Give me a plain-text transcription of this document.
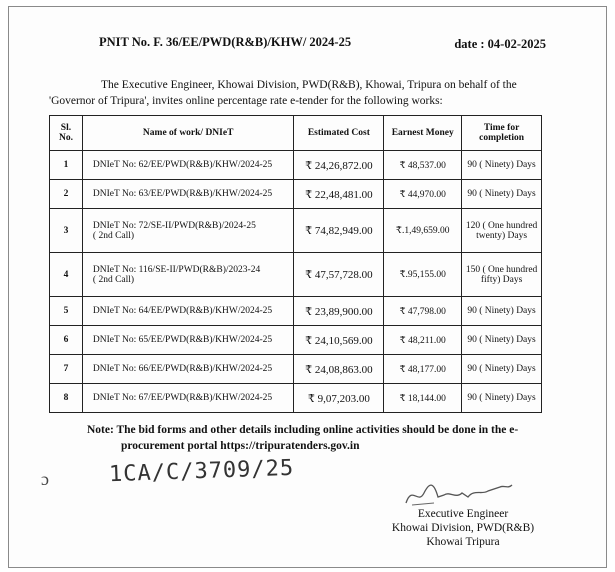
PNIT No. F. 36/EE/PWD(R&B)/KHW/ 2024-25	date : 04-02-2025
The Executive Engineer, Khowai Division, PWD(R&B), Khowai, Tripura on behalf of the
'Governor of Tripura', invites online percentage rate e-tender for the following works:
Sl. No.	Name of work/ DNIeT	Estimated Cost	Earnest Money	Time for completion
1	DNIeT No: 62/EE/PWD(R&B)/KHW/2024-25	₹ 24,26,872.00	₹ 48,537.00	90 ( Ninety) Days
2	DNIeT No: 63/EE/PWD(R&B)/KHW/2024-25	₹ 22,48,481.00	₹ 44,970.00	90 ( Ninety) Days
3	DNIeT No: 72/SE-II/PWD(R&B)/2024-25
( 2nd Call)	₹ 74,82,949.00	₹.1,49,659.00	120 ( One hundred twenty) Days
4	DNIeT No: 116/SE-II/PWD(R&B)/2023-24
( 2nd Call)	₹ 47,57,728.00	₹.95,155.00	150 ( One hundred fifty) Days
5	DNIeT No: 64/EE/PWD(R&B)/KHW/2024-25	₹ 23,89,900.00	₹ 47,798.00	90 ( Ninety) Days
6	DNIeT No: 65/EE/PWD(R&B)/KHW/2024-25	₹ 24,10,569.00	₹ 48,211.00	90 ( Ninety) Days
7	DNIeT No: 66/EE/PWD(R&B)/KHW/2024-25	₹ 24,08,863.00	₹ 48,177.00	90 ( Ninety) Days
8	DNIeT No: 67/EE/PWD(R&B)/KHW/2024-25	₹ 9,07,203.00	₹ 18,144.00	90 ( Ninety) Days
Note: The bid forms and other details including online activities should be done in the e-
procurement portal https://tripuratenders.gov.in
ɔ	1CA/C/3709/25
Executive Engineer
Khowai Division, PWD(R&B)
Khowai Tripura
